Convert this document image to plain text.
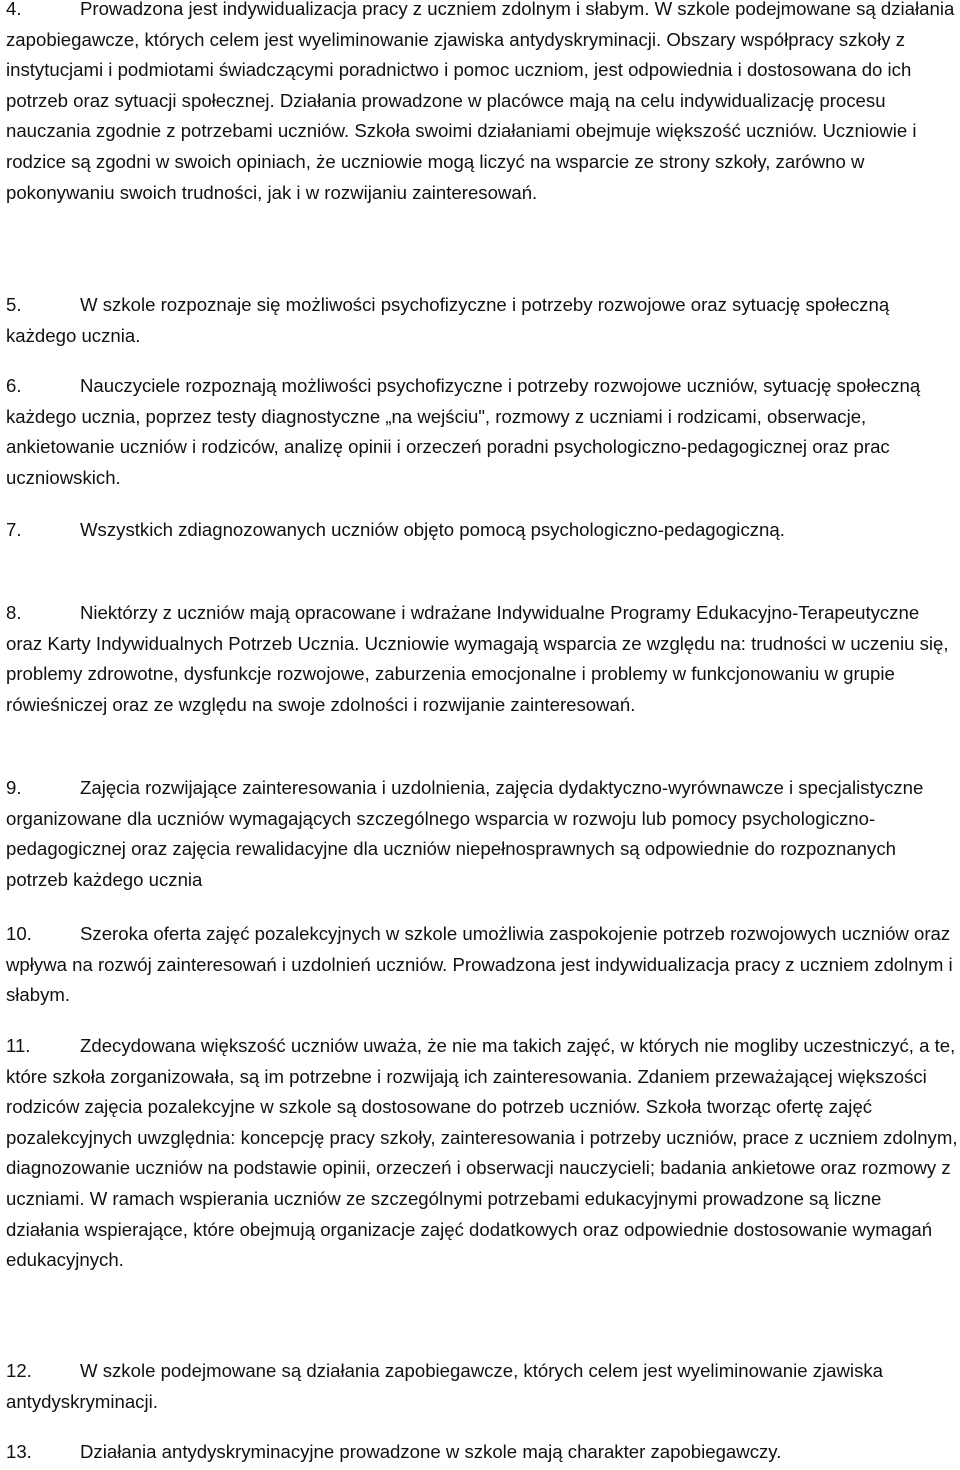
4.	Prowadzona jest indywidualizacja pracy z uczniem zdolnym i słabym. W szkole podejmowane są działania zapobiegawcze, których celem jest wyeliminowanie zjawiska antydyskryminacji. Obszary współpracy szkoły z instytucjami i podmiotami świadczącymi poradnictwo i pomoc uczniom, jest odpowiednia i dostosowana do ich potrzeb oraz sytuacji społecznej. Działania prowadzone w placówce mają na celu indywidualizację procesu nauczania zgodnie z potrzebami uczniów. Szkoła swoimi działaniami obejmuje większość uczniów. Uczniowie i rodzice są zgodni w swoich opiniach, że uczniowie mogą liczyć na wsparcie ze strony szkoły, zarówno w pokonywaniu swoich trudności, jak i w rozwijaniu zainteresowań.
5.	W szkole rozpoznaje się możliwości psychofizyczne i potrzeby rozwojowe oraz sytuację społeczną każdego ucznia.
6.	Nauczyciele rozpoznają możliwości psychofizyczne i potrzeby rozwojowe uczniów, sytuację społeczną każdego ucznia, poprzez testy diagnostyczne „na wejściu", rozmowy z uczniami i rodzicami, obserwacje, ankietowanie uczniów i rodziców, analizę opinii i orzeczeń poradni psychologiczno-pedagogicznej oraz prac uczniowskich.
7.	Wszystkich zdiagnozowanych uczniów objęto pomocą psychologiczno-pedagogiczną.
8.	Niektórzy z uczniów mają opracowane i wdrażane Indywidualne Programy Edukacyjno-Terapeutyczne oraz Karty Indywidualnych Potrzeb Ucznia. Uczniowie wymagają wsparcia ze względu na: trudności w uczeniu się, problemy zdrowotne, dysfunkcje rozwojowe, zaburzenia emocjonalne i problemy w funkcjonowaniu w grupie rówieśniczej oraz ze względu na swoje zdolności i rozwijanie zainteresowań.
9.	Zajęcia rozwijające zainteresowania i uzdolnienia, zajęcia dydaktyczno-wyrównawcze i specjalistyczne organizowane dla uczniów wymagających szczególnego wsparcia w rozwoju lub pomocy psychologiczno-pedagogicznej oraz zajęcia rewalidacyjne dla uczniów niepełnosprawnych są odpowiednie do rozpoznanych potrzeb każdego ucznia
10.	Szeroka oferta zajęć pozalekcyjnych w szkole umożliwia zaspokojenie potrzeb rozwojowych uczniów oraz wpływa na rozwój zainteresowań i uzdolnień uczniów. Prowadzona jest indywidualizacja pracy z uczniem zdolnym i słabym.
11.	Zdecydowana większość uczniów uważa, że nie ma takich zajęć, w których nie mogliby uczestniczyć, a te, które szkoła zorganizowała, są im potrzebne i rozwijają ich zainteresowania. Zdaniem przeważającej większości rodziców zajęcia pozalekcyjne w szkole są dostosowane do potrzeb uczniów. Szkoła tworząc ofertę zajęć pozalekcyjnych uwzględnia: koncepcję pracy szkoły, zainteresowania i potrzeby uczniów, prace z uczniem zdolnym, diagnozowanie uczniów na podstawie opinii, orzeczeń i obserwacji nauczycieli; badania ankietowe oraz rozmowy z uczniami. W ramach wspierania uczniów ze szczególnymi potrzebami edukacyjnymi prowadzone są liczne działania wspierające, które obejmują organizacje zajęć dodatkowych oraz odpowiednie dostosowanie wymagań edukacyjnych.
12.	W szkole podejmowane są działania zapobiegawcze, których celem jest wyeliminowanie zjawiska antydyskryminacji.
13.	Działania antydyskryminacyjne prowadzone w szkole mają charakter zapobiegawczy.
